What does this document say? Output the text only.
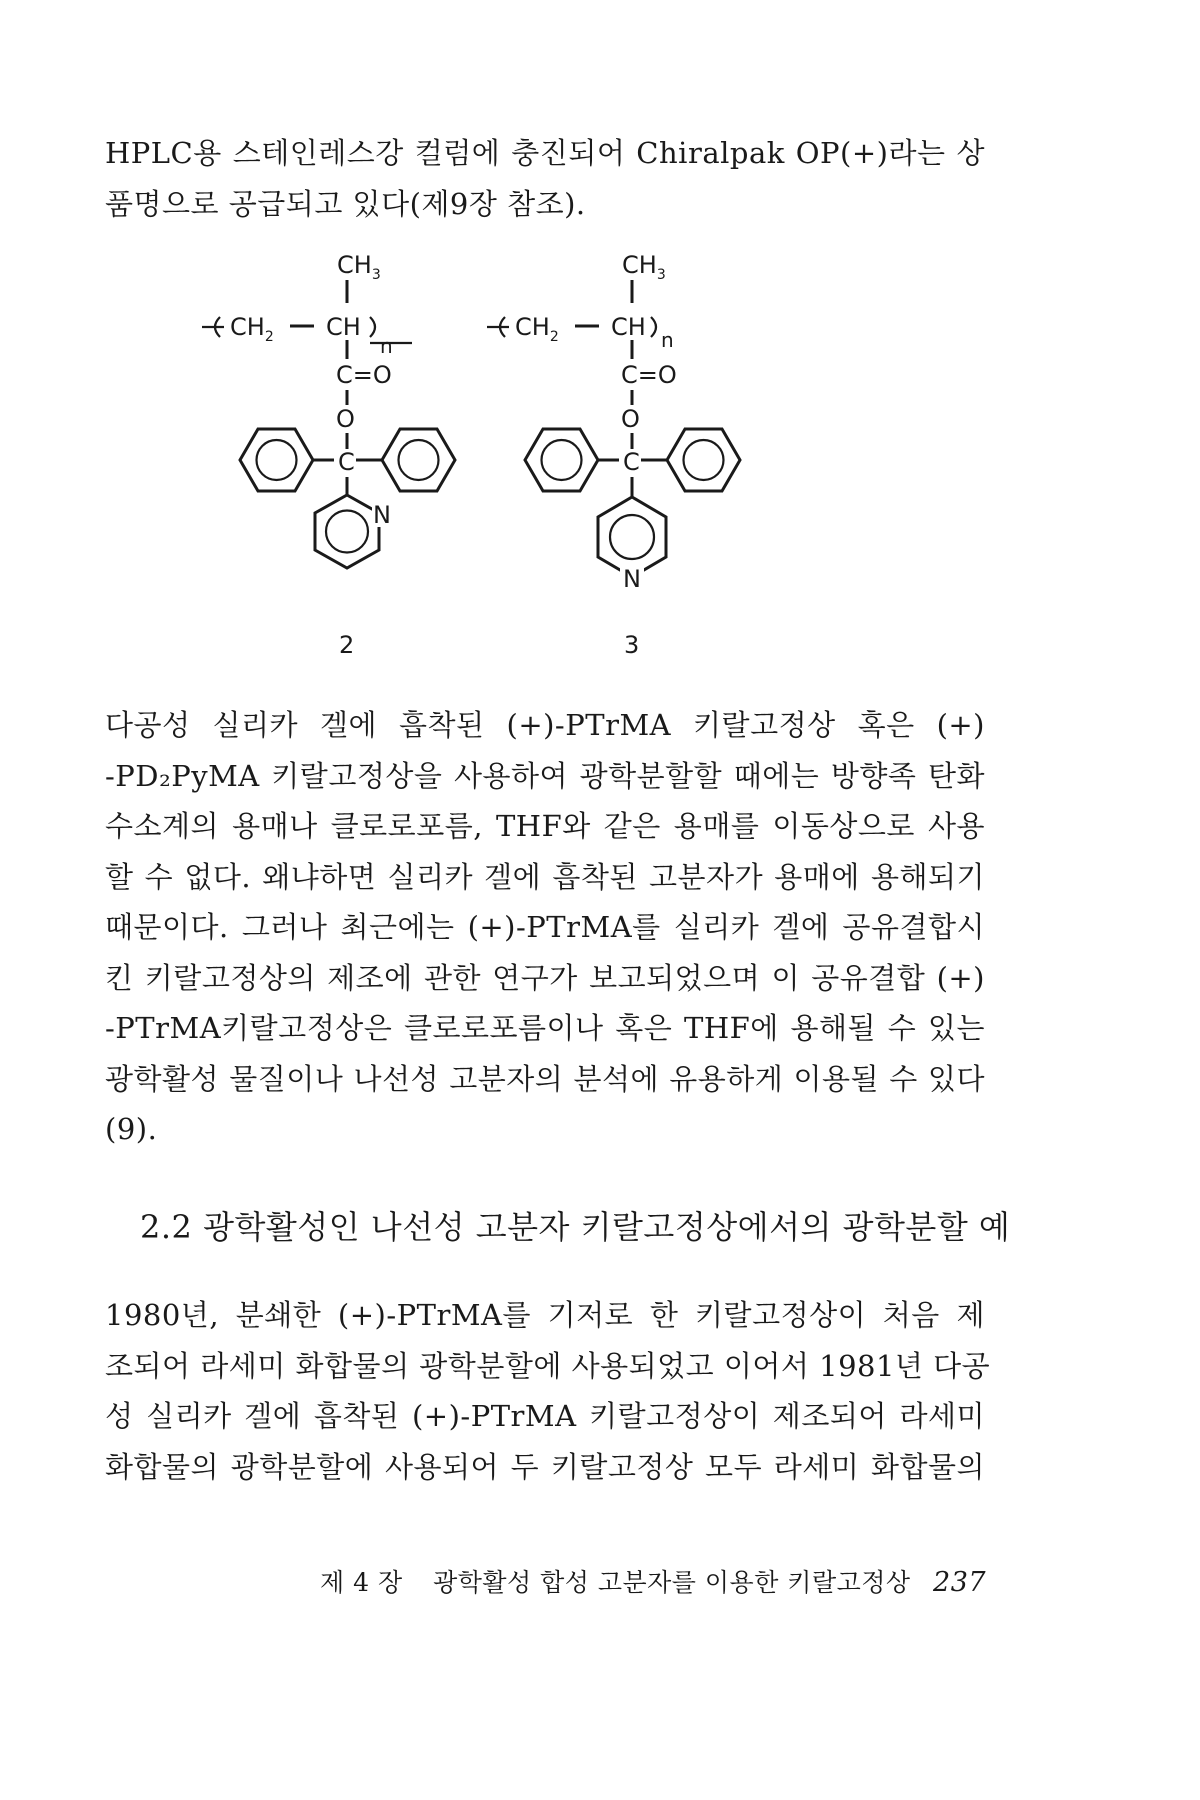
HPLC용 스테인레스강 컬럼에 충진되어 Chiralpak OP(+)라는 상
품명으로 공급되고 있다(제9장 참조).
$CH_3$
$CH_2$ CH
n
C=O
O
C
N
2
$CH_3$
$CH_2$ CH n
C=O
O
C
N
3
다공성 실리카 겔에 흡착된 (+)-PTrMA 키랄고정상 혹은 (+)
-PD₂PyMA 키랄고정상을 사용하여 광학분할할 때에는 방향족 탄화
수소계의 용매나 클로로포름, THF와 같은 용매를 이동상으로 사용
할 수 없다. 왜냐하면 실리카 겔에 흡착된 고분자가 용매에 용해되기
때문이다. 그러나 최근에는 (+)-PTrMA를 실리카 겔에 공유결합시
킨 키랄고정상의 제조에 관한 연구가 보고되었으며 이 공유결합 (+)
-PTrMA키랄고정상은 클로로포름이나 혹은 THF에 용해될 수 있는
광학활성 물질이나 나선성 고분자의 분석에 유용하게 이용될 수 있다
(9).
2.2 광학활성인 나선성 고분자 키랄고정상에서의 광학분할 예
1980년, 분쇄한 (+)-PTrMA를 기저로 한 키랄고정상이 처음 제
조되어 라세미 화합물의 광학분할에 사용되었고 이어서 1981년 다공
성 실리카 겔에 흡착된 (+)-PTrMA 키랄고정상이 제조되어 라세미
화합물의 광학분할에 사용되어 두 키랄고정상 모두 라세미 화합물의
제 4 장 광학활성 합성 고분자를 이용한 키랄고정상 237
